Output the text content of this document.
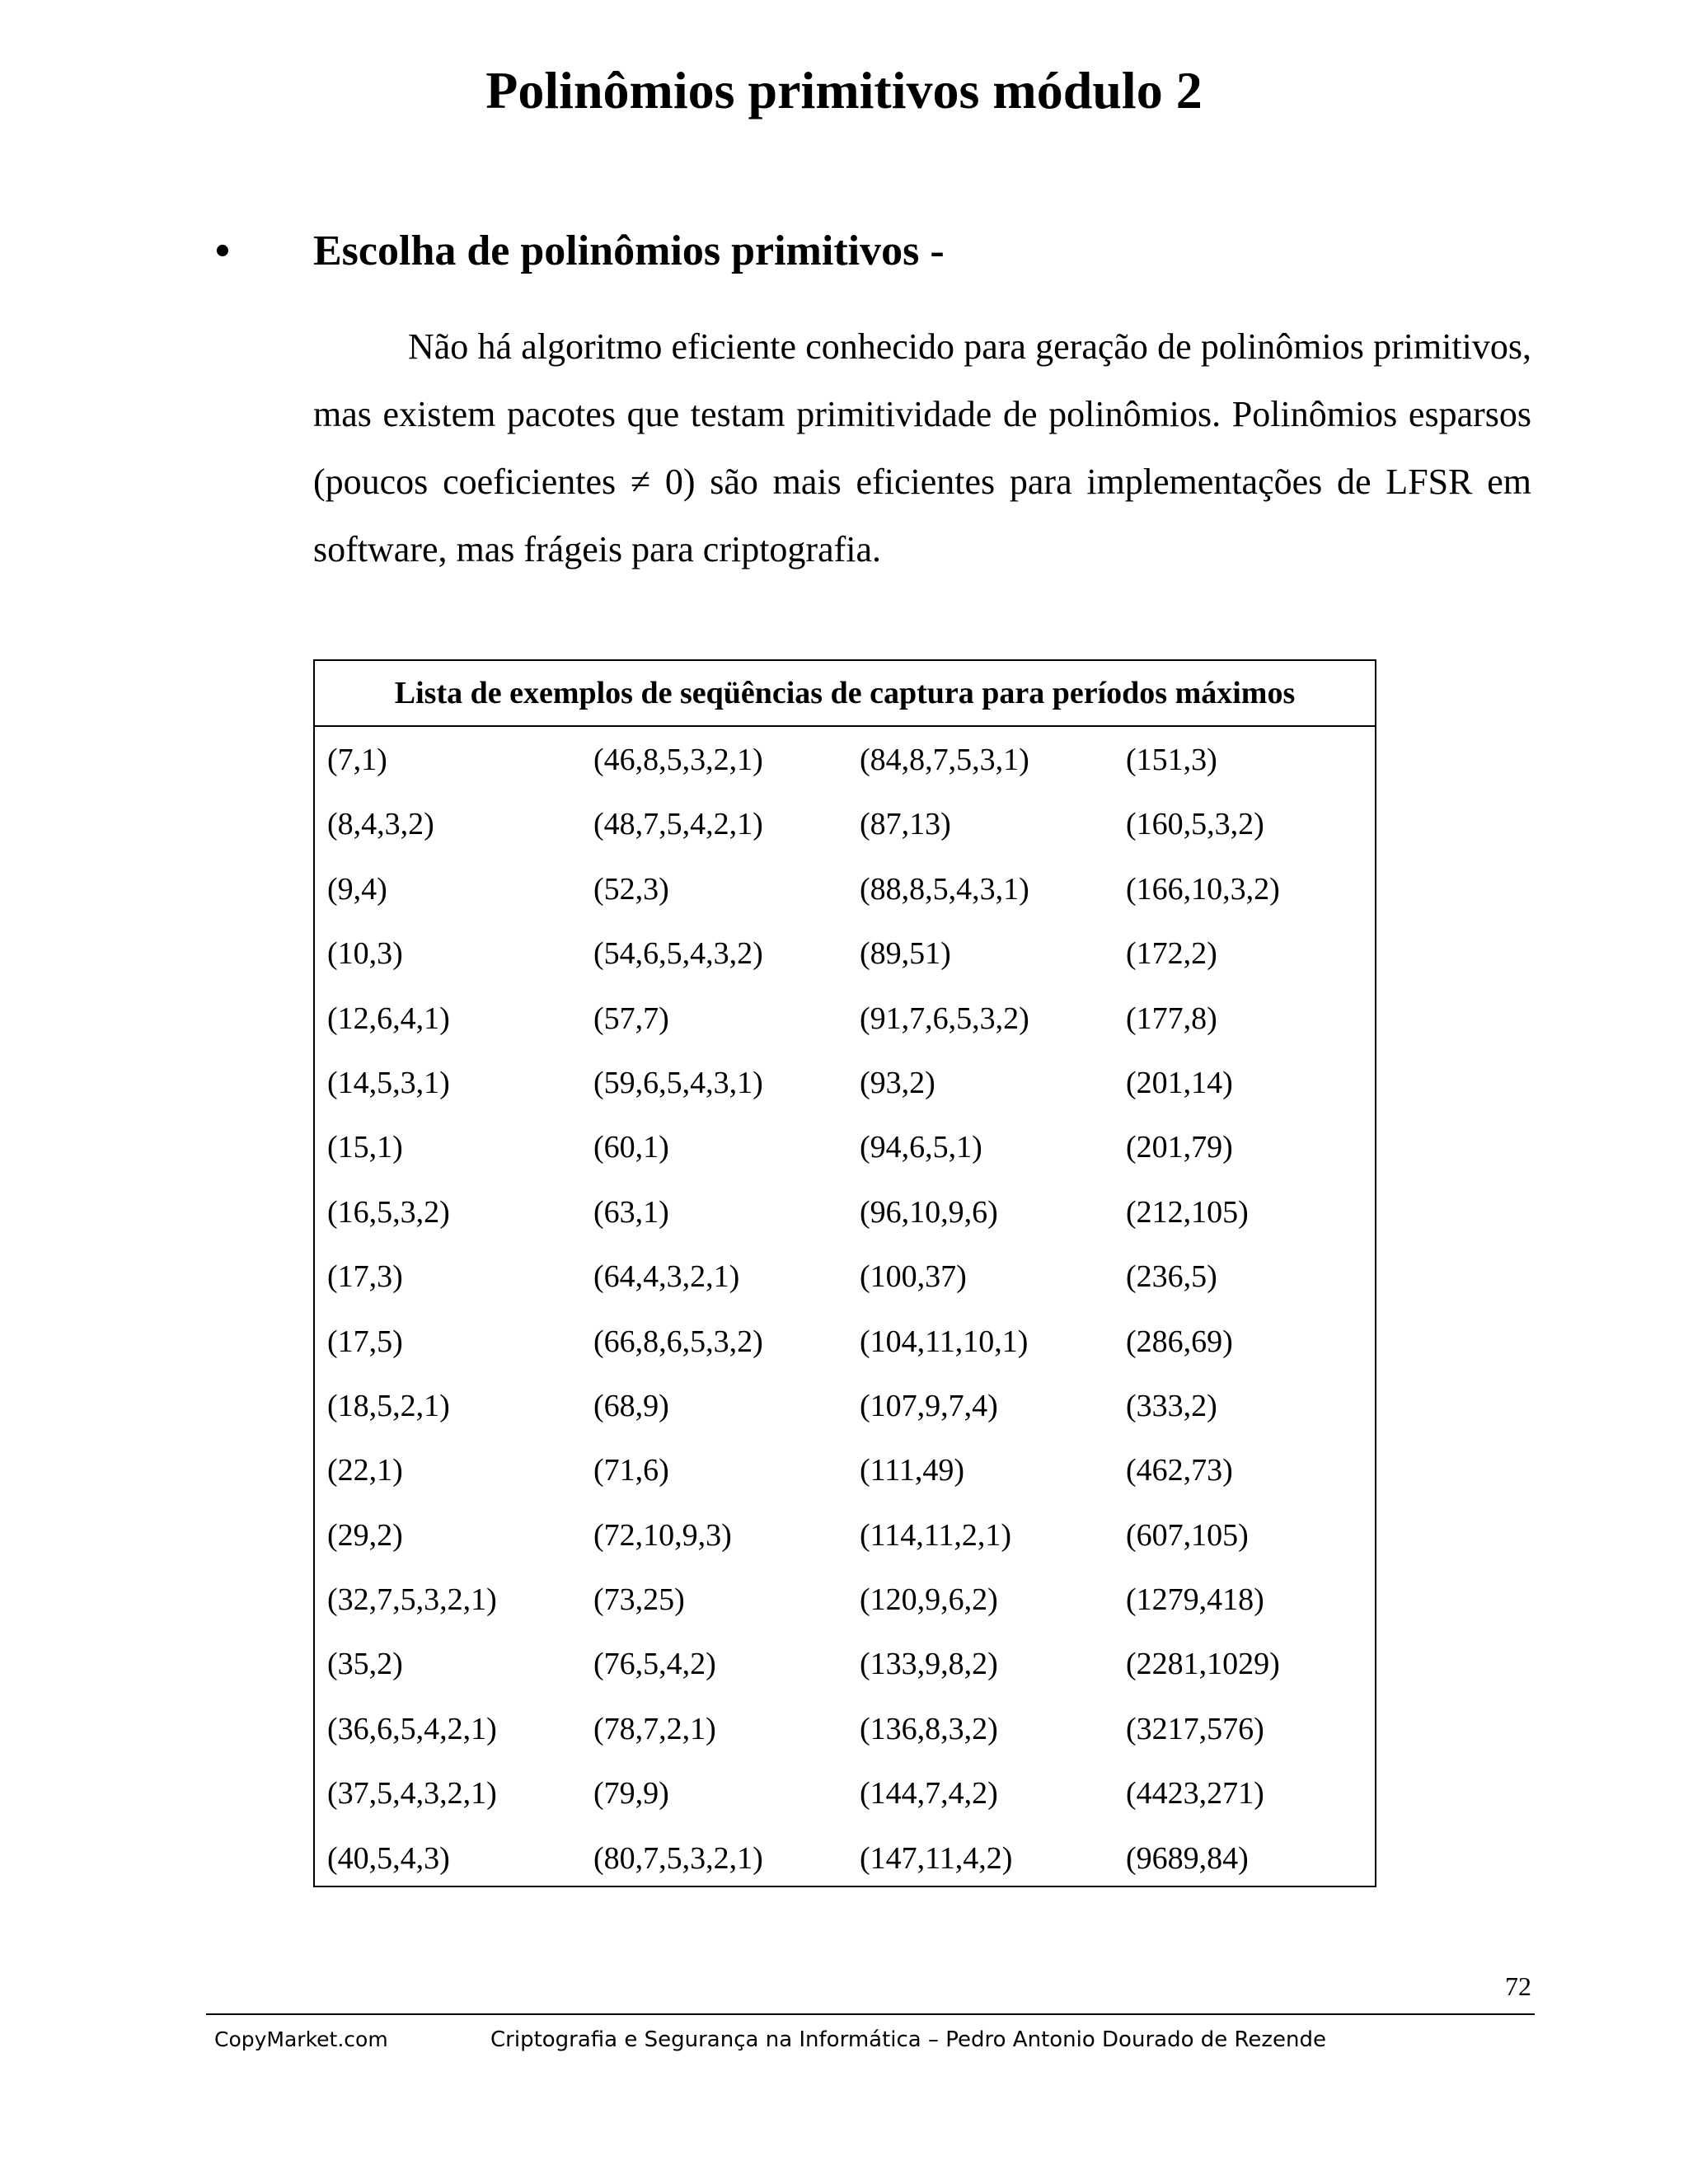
Polinômios primitivos módulo 2
• Escolha de polinômios primitivos -
Não há algoritmo eficiente conhecido para geração de polinômios primitivos, mas existem pacotes que testam primitividade de polinômios. Polinômios esparsos (poucos coeficientes ≠ 0) são mais eficientes para implementações de LFSR em software, mas frágeis para criptografia.
Lista de exemplos de seqüências de captura para períodos máximos
(7,1)	(46,8,5,3,2,1)	(84,8,7,5,3,1)	(151,3)
(8,4,3,2)	(48,7,5,4,2,1)	(87,13)	(160,5,3,2)
(9,4)	(52,3)	(88,8,5,4,3,1)	(166,10,3,2)
(10,3)	(54,6,5,4,3,2)	(89,51)	(172,2)
(12,6,4,1)	(57,7)	(91,7,6,5,3,2)	(177,8)
(14,5,3,1)	(59,6,5,4,3,1)	(93,2)	(201,14)
(15,1)	(60,1)	(94,6,5,1)	(201,79)
(16,5,3,2)	(63,1)	(96,10,9,6)	(212,105)
(17,3)	(64,4,3,2,1)	(100,37)	(236,5)
(17,5)	(66,8,6,5,3,2)	(104,11,10,1)	(286,69)
(18,5,2,1)	(68,9)	(107,9,7,4)	(333,2)
(22,1)	(71,6)	(111,49)	(462,73)
(29,2)	(72,10,9,3)	(114,11,2,1)	(607,105)
(32,7,5,3,2,1)	(73,25)	(120,9,6,2)	(1279,418)
(35,2)	(76,5,4,2)	(133,9,8,2)	(2281,1029)
(36,6,5,4,2,1)	(78,7,2,1)	(136,8,3,2)	(3217,576)
(37,5,4,3,2,1)	(79,9)	(144,7,4,2)	(4423,271)
(40,5,4,3)	(80,7,5,3,2,1)	(147,11,4,2)	(9689,84)
72
CopyMarket.com	Criptografia e Segurança na Informática – Pedro Antonio Dourado de Rezende
